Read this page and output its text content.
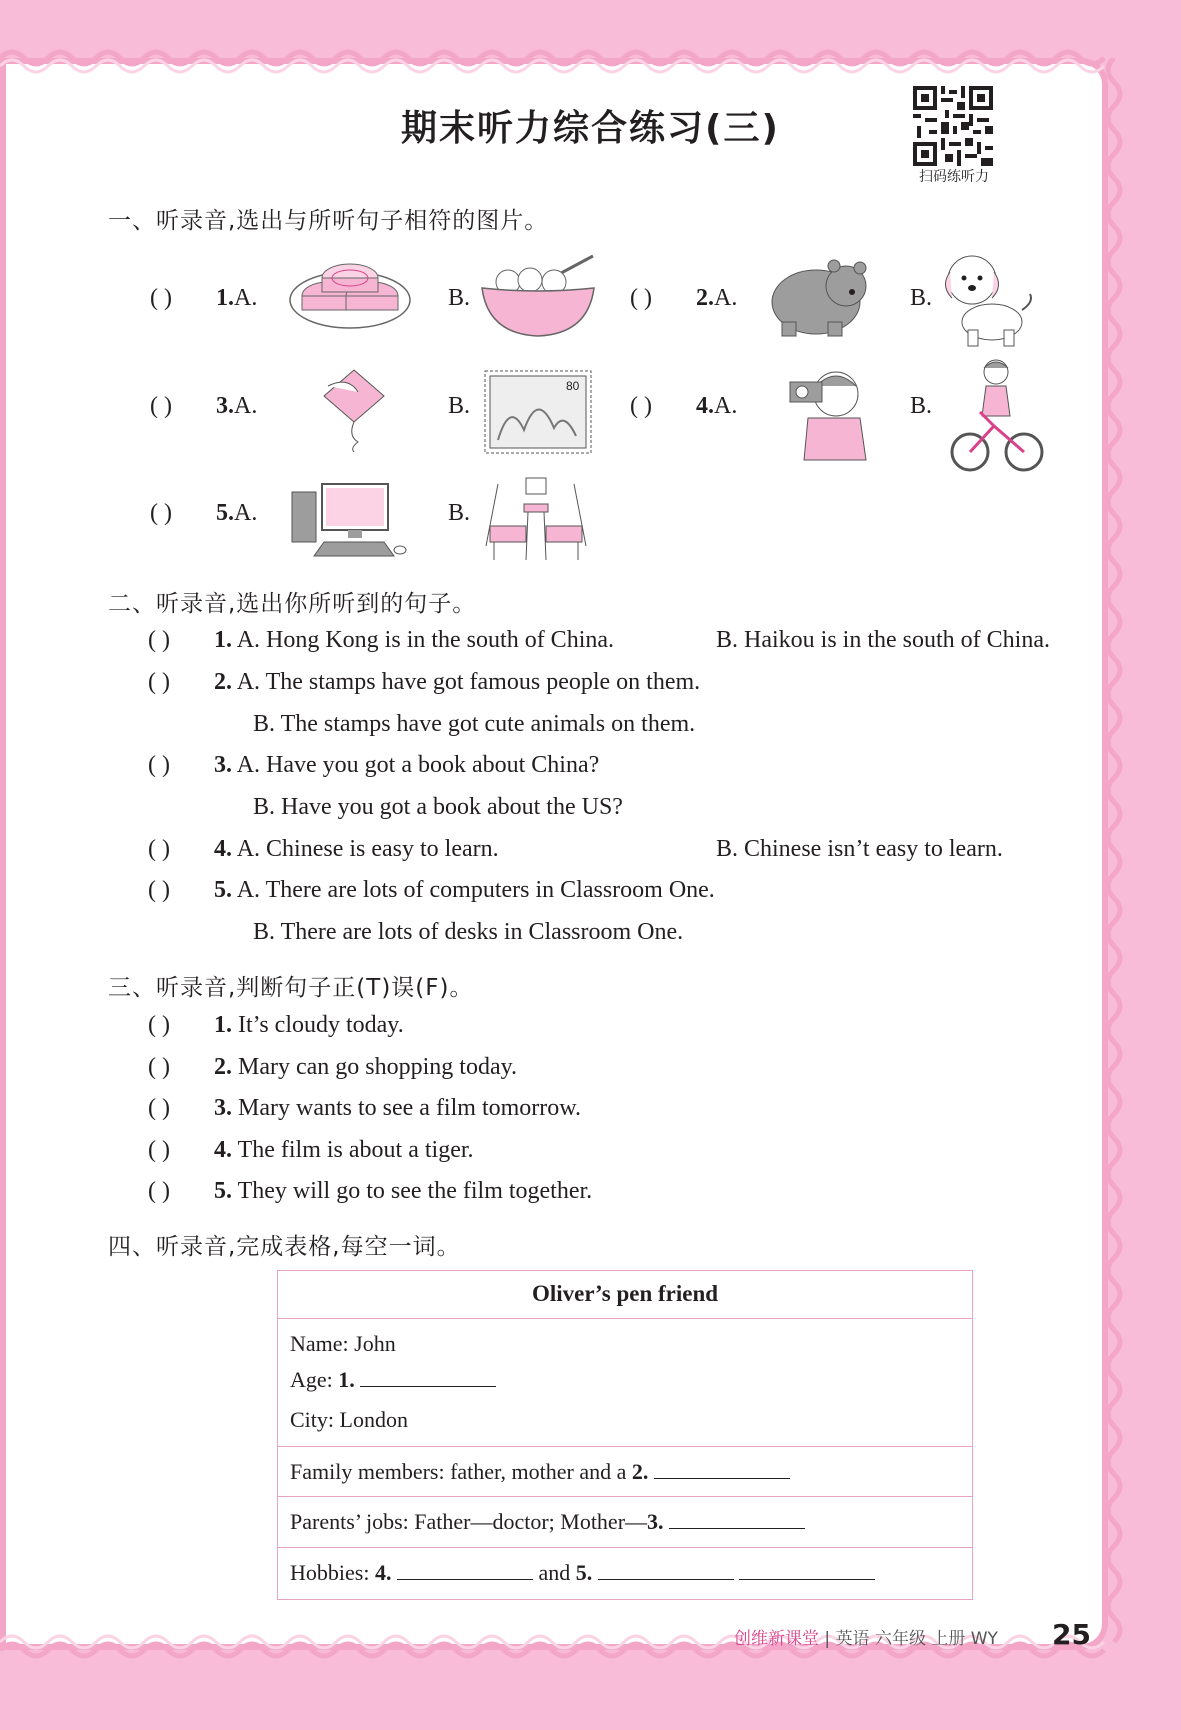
期末听力综合练习(三)
扫码练听力
一、听录音,选出与所听句子相符的图片。
( ) 1.A.	B.	( ) 2.A.	B.
( ) 3.A.	B.
80
( ) 4.A.	B.
( ) 5.A.	B.
二、听录音,选出你所听到的句子。
( ) 1. A. Hong Kong is in the south of China.	B. Haikou is in the south of China.
( ) 2. A. The stamps have got famous people on them.
B. The stamps have got cute animals on them.
( ) 3. A. Have you got a book about China?
B. Have you got a book about the US?
( ) 4. A. Chinese is easy to learn.	B. Chinese isn’t easy to learn.
( ) 5. A. There are lots of computers in Classroom One.
B. There are lots of desks in Classroom One.
三、听录音,判断句子正(T)误(F)。
( ) 1. It’s cloudy today.
( ) 2. Mary can go shopping today.
( ) 3. Mary wants to see a film tomorrow.
( ) 4. The film is about a tiger.
( ) 5. They will go to see the film together.
四、听录音,完成表格,每空一词。
Oliver’s pen friend
Name: John
Age: 1.
City: London
Family members: father, mother and a 2.
Parents’ jobs: Father—doctor; Mother—3.
Hobbies: 4.	and 5.
创维新课堂 | 英语 六年级 上册 WY 25
